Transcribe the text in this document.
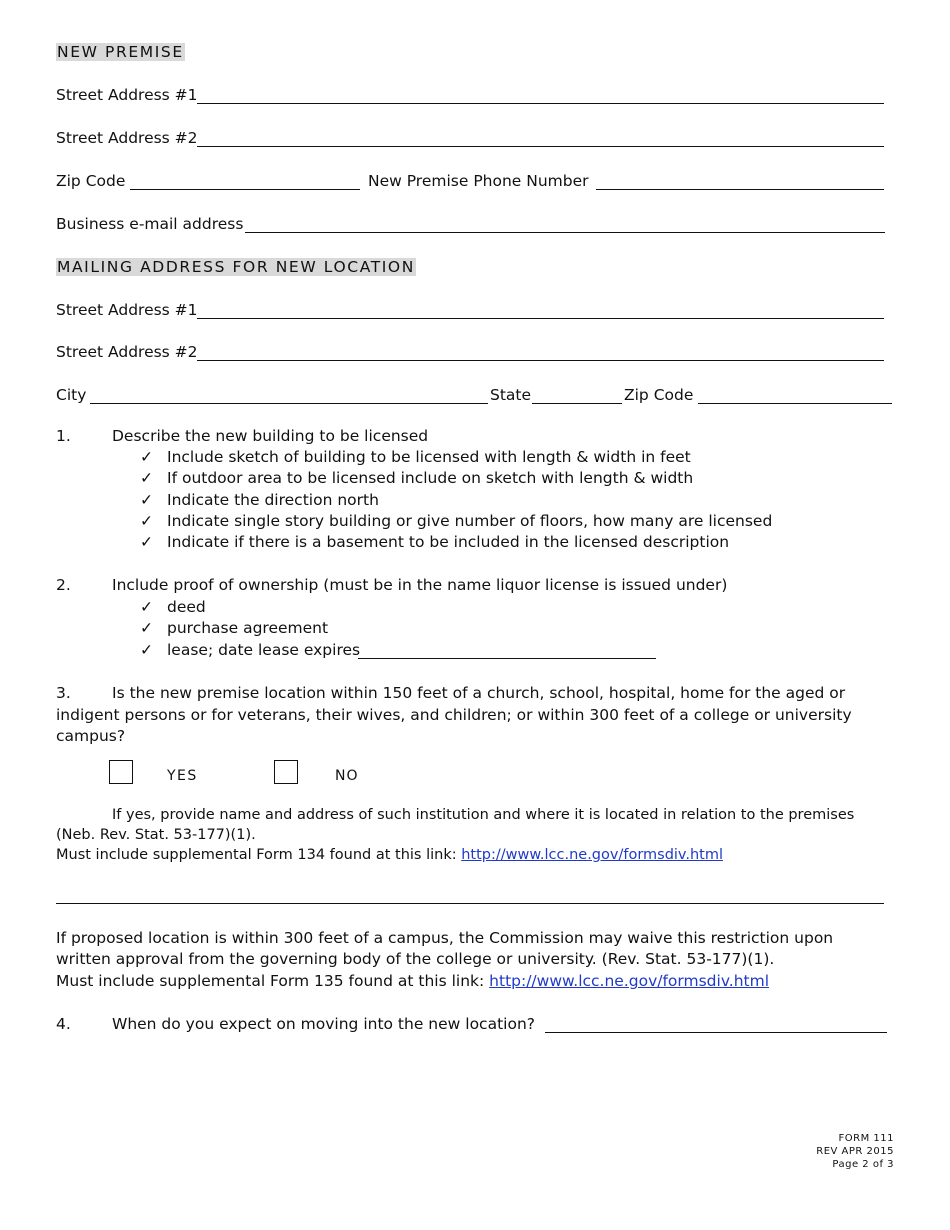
NEW PREMISE
Street Address #1
Street Address #2
Zip Code	New Premise Phone Number
Business e-mail address
MAILING ADDRESS FOR NEW LOCATION
Street Address #1
Street Address #2
City	State	Zip Code
1.	Describe the new building to be licensed
✓ Include sketch of building to be licensed with length & width in feet
✓ If outdoor area to be licensed include on sketch with length & width
✓ Indicate the direction north
✓ Indicate single story building or give number of floors, how many are licensed
✓ Indicate if there is a basement to be included in the licensed description
2.	Include proof of ownership (must be in the name liquor license is issued under)
✓ deed
✓ purchase agreement
✓ lease; date lease expires
3.	Is the new premise location within 150 feet of a church, school, hospital, home for the aged or
indigent persons or for veterans, their wives, and children; or within 300 feet of a college or university
campus?
YES	NO
If yes, provide name and address of such institution and where it is located in relation to the premises
(Neb. Rev. Stat. 53-177)(1).
Must include supplemental Form 134 found at this link: http://www.lcc.ne.gov/formsdiv.html
If proposed location is within 300 feet of a campus, the Commission may waive this restriction upon
written approval from the governing body of the college or university. (Rev. Stat. 53-177)(1).
Must include supplemental Form 135 found at this link: http://www.lcc.ne.gov/formsdiv.html
4.	When do you expect on moving into the new location?
FORM 111
REV APR 2015
Page 2 of 3
